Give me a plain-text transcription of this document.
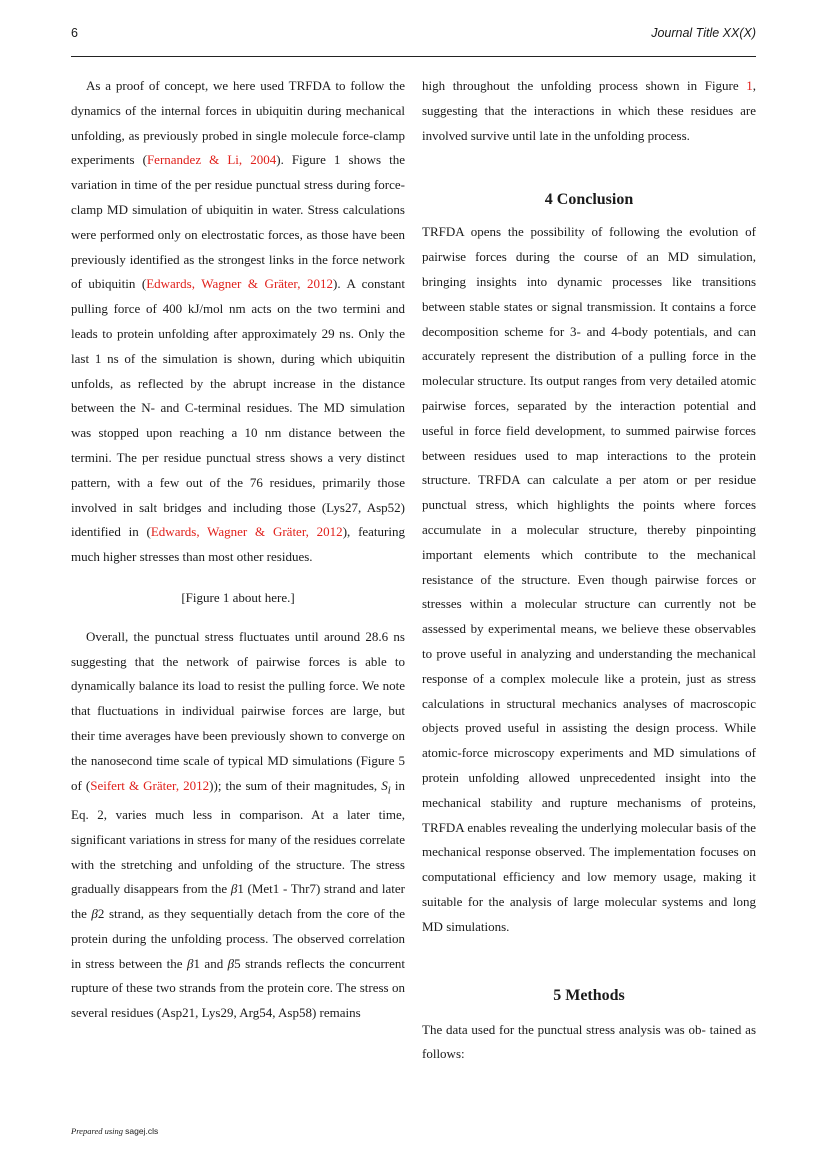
6	Journal Title XX(X)

As a proof of concept, we here used TRFDA to follow the dynamics of the internal forces in ubiquitin during mechanical unfolding, as previously probed in single molecule force-clamp experiments (Fernandez & Li, 2004). Figure 1 shows the variation in time of the per residue punctual stress during force-clamp MD simulation of ubiquitin in water. Stress calculations were performed only on electrostatic forces, as those have been previously identified as the strongest links in the force network of ubiquitin (Edwards, Wagner & Gräter, 2012). A constant pulling force of 400 kJ/mol nm acts on the two termini and leads to protein unfolding after approximately 29 ns. Only the last 1 ns of the simulation is shown, during which ubiquitin unfolds, as reflected by the abrupt increase in the distance between the N- and C-terminal residues. The MD simulation was stopped upon reaching a 10 nm distance between the termini. The per residue punctual stress shows a very distinct pattern, with a few out of the 76 residues, primarily those involved in salt bridges and including those (Lys27, Asp52) identified in (Edwards, Wagner & Gräter, 2012), featuring much higher stresses than most other residues.

[Figure 1 about here.]

Overall, the punctual stress fluctuates until around 28.6 ns suggesting that the network of pairwise forces is able to dynamically balance its load to resist the pulling force. We note that fluctuations in individual pairwise forces are large, but their time averages have been previously shown to converge on the nanosecond time scale of typical MD simulations (Figure 5 of (Seifert & Gräter, 2012)); the sum of their magnitudes, $S_i$ in Eq. 2, varies much less in comparison. At a later time, significant variations in stress for many of the residues correlate with the stretching and unfolding of the structure. The stress gradually disappears from the β1 (Met1 - Thr7) strand and later the β2 strand, as they sequentially detach from the core of the protein during the unfolding process. The observed correlation in stress between the β1 and β5 strands reflects the concurrent rupture of these two strands from the protein core. The stress on several residues (Asp21, Lys29, Arg54, Asp58) remains

high throughout the unfolding process shown in Figure 1, suggesting that the interactions in which these residues are involved survive until late in the unfolding process.

4 Conclusion

TRFDA opens the possibility of following the evolution of pairwise forces during the course of an MD simulation, bringing insights into dynamic processes like transitions between stable states or signal transmission. It contains a force decomposition scheme for 3- and 4-body potentials, and can accurately represent the distribution of a pulling force in the molecular structure. Its output ranges from very detailed atomic pairwise forces, separated by the interaction potential and useful in force field development, to summed pairwise forces between residues used to map interactions to the protein structure. TRFDA can calculate a per atom or per residue punctual stress, which highlights the points where forces accumulate in a molecular structure, thereby pinpointing important elements which contribute to the mechanical resistance of the structure. Even though pairwise forces or stresses within a molecular structure can currently not be assessed by experimental means, we believe these observables to prove useful in analyzing and understanding the mechanical response of a complex molecule like a protein, just as stress calculations in structural mechanics analyses of macroscopic objects proved useful in assisting the design process. While atomic-force microscopy experiments and MD simulations of protein unfolding allowed unprecedented insight into the mechanical stability and rupture mechanisms of proteins, TRFDA enables revealing the underlying molecular basis of the mechanical response observed. The implementation focuses on computational efficiency and low memory usage, making it suitable for the analysis of large molecular systems and long MD simulations.

5 Methods

The data used for the punctual stress analysis was ob- tained as follows:

Prepared using sagej.cls
